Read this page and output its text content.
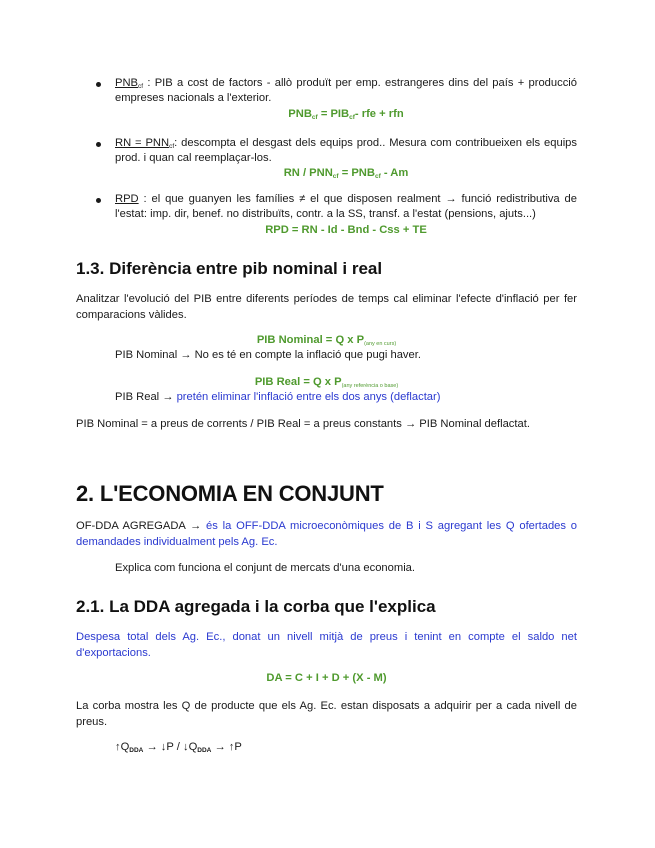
$PNB_{cf}$ : PIB a cost de factors - allò produït per emp. estrangeres dins del país + producció empreses nacionals a l'exterior.

$PNB_{cf} = PIB_{cf}-$ rfe + rfn

RN = $PNN_{cf}$: descompta el desgast dels equips prod.. Mesura com contribueixen els equips prod. i quan cal reemplaçar-los.

RN / $PNN_{cf} = PNB_{cf} - Am$

RPD : el que guanyen les famílies ≠ el que disposen realment → funció redistributiva de l'estat: imp. dir, benef. no distribuïts, contr. a la SS, transf. a l'estat (pensions, ajuts...)

RPD = RN - Id - Bnd - Css + TE

1.3. Diferència entre pib nominal i real

Analitzar l'evolució del PIB entre diferents períodes de temps cal eliminar l'efecte d'inflació per fer comparacions vàlides.

PIB Nominal = Q x P(any en curs)

PIB Nominal → No es té en compte la inflació que pugi haver.

PIB Real = Q x P(any referència o base)

PIB Real → pretén eliminar l'inflació entre els dos anys (deflactar)

PIB Nominal = a preus de corrents / PIB Real = a preus constants → PIB Nominal deflactat.

2. L'ECONOMIA EN CONJUNT

OF-DDA AGREGADA → és la OFF-DDA microeconòmiques de B i S agregant les Q ofertades o demandades individualment pels Ag. Ec.

Explica com funciona el conjunt de mercats d'una economia.

2.1. La DDA agregada i la corba que l'explica

Despesa total dels Ag. Ec., donat un nivell mitjà de preus i tenint en compte el saldo net d'exportacions.

DA = C + I + D + (X - M)

La corba mostra les Q de producte que els Ag. Ec. estan disposats a adquirir per a cada nivell de preus.

$↑Q_{DDA}$ → ↓P / $↓Q_{DDA}$ → ↑P
